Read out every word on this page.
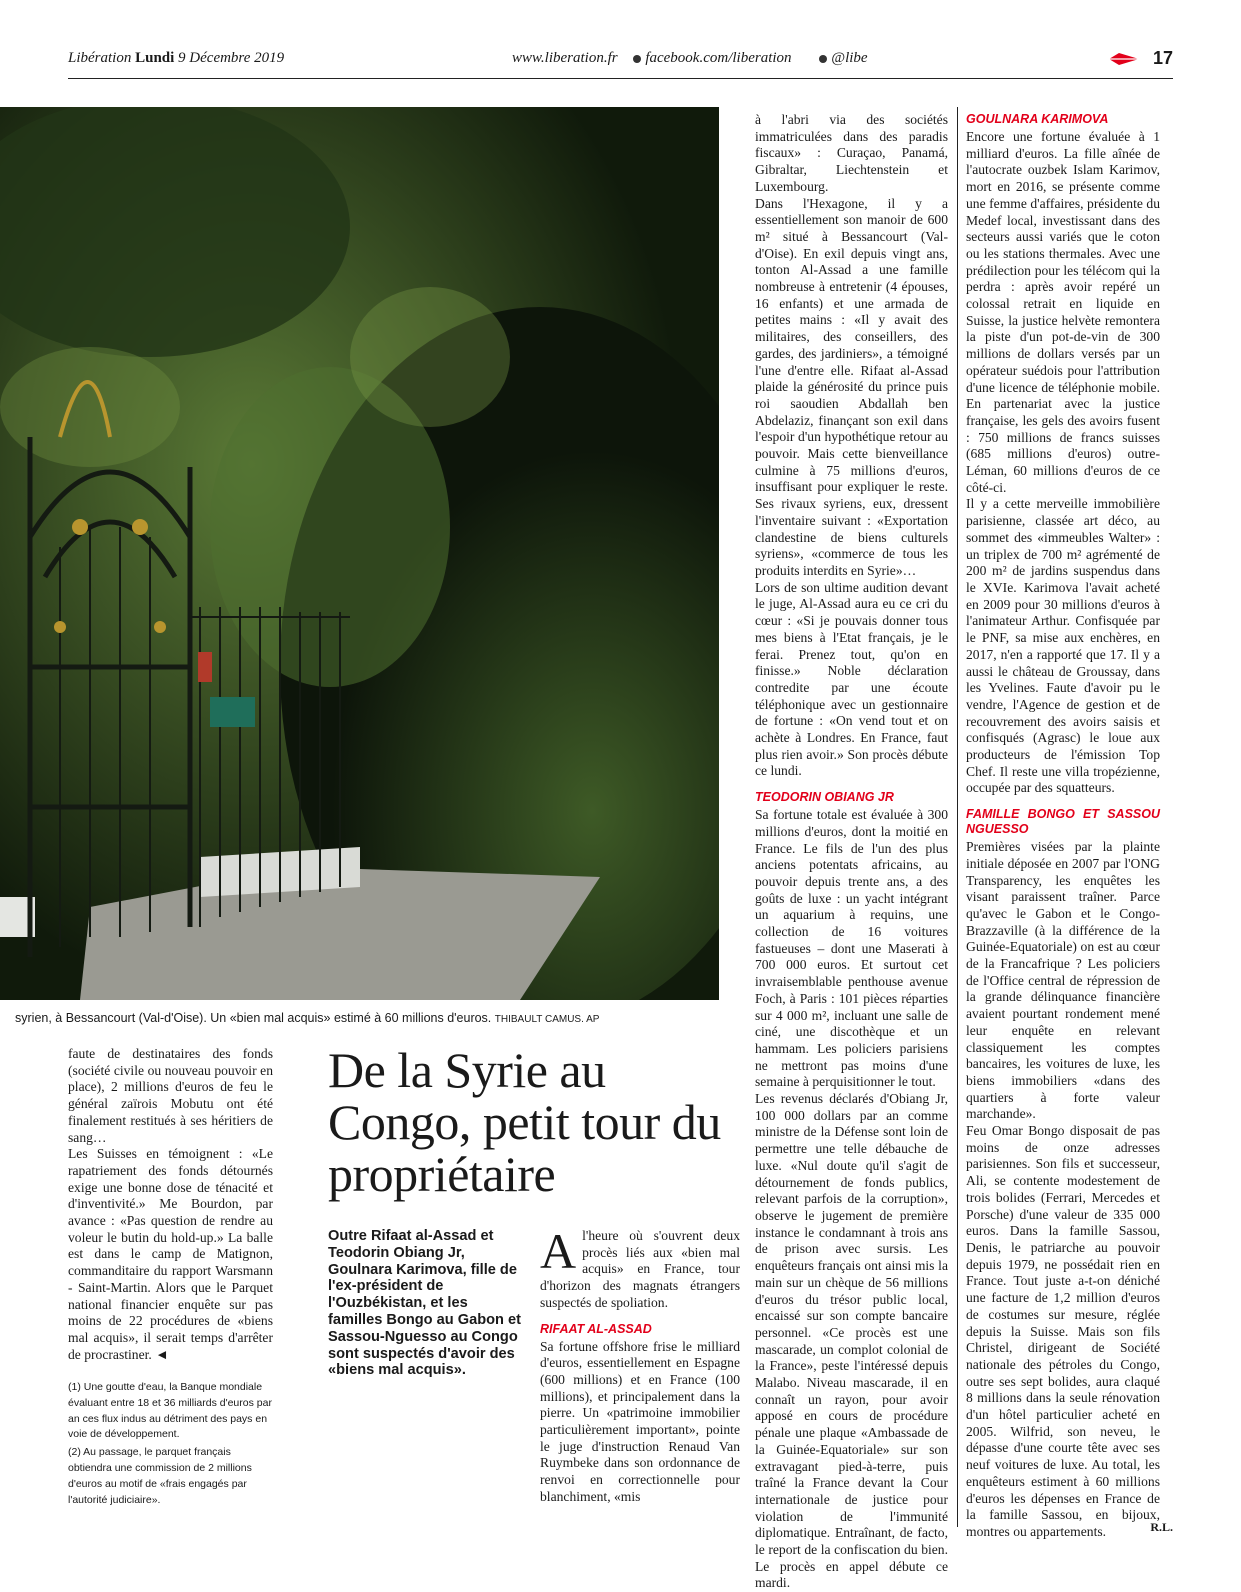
Libération Lundi 9 Décembre 2019	www.liberation.fr facebook.com/liberation	@libe	17
syrien, à Bessancourt (Val-d'Oise). Un «bien mal acquis» estimé à 60 millions d'euros. THIBAULT CAMUS. AP

faute de destinataires des fonds (société civile ou nouveau pouvoir en place), 2 millions d'euros de feu le général zaïrois Mobutu ont été finalement restitués à ses héritiers de sang…

Les Suisses en témoignent : «Le rapatriement des fonds détournés exige une bonne dose de ténacité et d'inventivité.» Me Bourdon, par avance : «Pas question de rendre au voleur le butin du hold-up.» La balle est dans le camp de Matignon, commanditaire du rapport Warsmann - Saint-Martin. Alors que le Parquet national financier enquête sur pas moins de 22 procédures de «biens mal acquis», il serait temps d'arrêter de procrastiner. ◄

(1) Une goutte d'eau, la Banque mondiale évaluant entre 18 et 36 milliards d'euros par an ces flux indus au détriment des pays en voie de développement.

(2) Au passage, le parquet français obtiendra une commission de 2 millions d'euros au motif de «frais engagés par l'autorité judiciaire».

De la Syrie au Congo, petit tour du propriétaire
Outre Rifaat al-Assad et Teodorin Obiang Jr, Goulnara Karimova, fille de l'ex-président de l'Ouzbékistan, et les familles Bongo au Gabon et Sassou-Nguesso au Congo sont suspectés d'avoir des «biens mal acquis».

Al'heure où s'ouvrent deux procès liés aux «bien mal acquis» en France, tour d'horizon des magnats étrangers suspectés de spoliation.

RIFAAT AL-ASSAD

Sa fortune offshore frise le milliard d'euros, essentiellement en Espagne (600 millions) et en France (100 millions), et principalement dans la pierre. Un «patrimoine immobilier particulièrement important», pointe le juge d'instruction Renaud Van Ruymbeke dans son ordonnance de renvoi en correctionnelle pour blanchiment, «mis

à l'abri via des sociétés immatriculées dans des paradis fiscaux» : Curaçao, Panamá, Gibraltar, Liechtenstein et Luxembourg.

Dans l'Hexagone, il y a essentiellement son manoir de 600 m² situé à Bessancourt (Val-d'Oise). En exil depuis vingt ans, tonton Al-Assad a une famille nombreuse à entretenir (4 épouses, 16 enfants) et une armada de petites mains : «Il y avait des militaires, des conseillers, des gardes, des jardiniers», a témoigné l'une d'entre elle. Rifaat al-Assad plaide la générosité du prince puis roi saoudien Abdallah ben Abdelaziz, finançant son exil dans l'espoir d'un hypothétique retour au pouvoir. Mais cette bienveillance culmine à 75 millions d'euros, insuffisant pour expliquer le reste. Ses rivaux syriens, eux, dressent l'inventaire suivant : «Exportation clandestine de biens culturels syriens», «commerce de tous les produits interdits en Syrie»…

Lors de son ultime audition devant le juge, Al-Assad aura eu ce cri du cœur : «Si je pouvais donner tous mes biens à l'Etat français, je le ferai. Prenez tout, qu'on en finisse.» Noble déclaration contredite par une écoute téléphonique avec un gestionnaire de fortune : «On vend tout et on achète à Londres. En France, faut plus rien avoir.» Son procès débute ce lundi.

TEODORIN OBIANG JR

Sa fortune totale est évaluée à 300 millions d'euros, dont la moitié en France. Le fils de l'un des plus anciens potentats africains, au pouvoir depuis trente ans, a des goûts de luxe : un yacht intégrant un aquarium à requins, une collection de 16 voitures fastueuses – dont une Maserati à 700 000 euros. Et surtout cet invraisemblable penthouse avenue Foch, à Paris : 101 pièces réparties sur 4 000 m², incluant une salle de ciné, une discothèque et un hammam. Les policiers parisiens ne mettront pas moins d'une semaine à perquisitionner le tout.

Les revenus déclarés d'Obiang Jr, 100 000 dollars par an comme ministre de la Défense sont loin de permettre une telle débauche de luxe. «Nul doute qu'il s'agit de détournement de fonds publics, relevant parfois de la corruption», observe le jugement de première instance le condamnant à trois ans de prison avec sursis. Les enquêteurs français ont ainsi mis la main sur un chèque de 56 millions d'euros du trésor public local, encaissé sur son compte bancaire personnel. «Ce procès est une mascarade, un complot colonial de la France», peste l'intéressé depuis Malabo. Niveau mascarade, il en connaît un rayon, pour avoir apposé en cours de procédure pénale une plaque «Ambassade de la Guinée-Equatoriale» sur son extravagant pied-à-terre, puis traîné la France devant la Cour internationale de justice pour violation de l'immunité diplomatique. Entraînant, de facto, le report de la confiscation du bien. Le procès en appel débute ce mardi.

GOULNARA KARIMOVA

Encore une fortune évaluée à 1 milliard d'euros. La fille aînée de l'autocrate ouzbek Islam Karimov, mort en 2016, se présente comme une femme d'affaires, présidente du Medef local, investissant dans des secteurs aussi variés que le coton ou les stations thermales. Avec une prédilection pour les télécom qui la perdra : après avoir repéré un colossal retrait en liquide en Suisse, la justice helvète remontera la piste d'un pot-de-vin de 300 millions de dollars versés par un opérateur suédois pour l'attribution d'une licence de téléphonie mobile. En partenariat avec la justice française, les gels des avoirs fusent : 750 millions de francs suisses (685 millions d'euros) outre-Léman, 60 millions d'euros de ce côté-ci.

Il y a cette merveille immobilière parisienne, classée art déco, au sommet des «immeubles Walter» : un triplex de 700 m² agrémenté de 200 m² de jardins suspendus dans le XVIe. Karimova l'avait acheté en 2009 pour 30 millions d'euros à l'animateur Arthur. Confisquée par le PNF, sa mise aux enchères, en 2017, n'en a rapporté que 17. Il y a aussi le château de Groussay, dans les Yvelines. Faute d'avoir pu le vendre, l'Agence de gestion et de recouvrement des avoirs saisis et confisqués (Agrasc) le loue aux producteurs de l'émission Top Chef. Il reste une villa tropézienne, occupée par des squatteurs.

FAMILLE BONGO ET SASSOU NGUESSO

Premières visées par la plainte initiale déposée en 2007 par l'ONG Transparency, les enquêtes les visant paraissent traîner. Parce qu'avec le Gabon et le Congo-Brazzaville (à la différence de la Guinée-Equatoriale) on est au cœur de la Francafrique ? Les policiers de l'Office central de répression de la grande délinquance financière avaient pourtant rondement mené leur enquête en relevant classiquement les comptes bancaires, les voitures de luxe, les biens immobiliers «dans des quartiers à forte valeur marchande».

Feu Omar Bongo disposait de pas moins de onze adresses parisiennes. Son fils et successeur, Ali, se contente modestement de trois bolides (Ferrari, Mercedes et Porsche) d'une valeur de 335 000 euros. Dans la famille Sassou, Denis, le patriarche au pouvoir depuis 1979, ne possédait rien en France. Tout juste a-t-on déniché une facture de 1,2 million d'euros de costumes sur mesure, réglée depuis la Suisse. Mais son fils Christel, dirigeant de Société nationale des pétroles du Congo, outre ses sept bolides, aura claqué 8 millions dans la seule rénovation d'un hôtel particulier acheté en 2005. Wilfrid, son neveu, le dépasse d'une courte tête avec ses neuf voitures de luxe. Au total, les enquêteurs estiment à 60 millions d'euros les dépenses en France de la famille Sassou, en bijoux, montres ou appartements.	R.L.
